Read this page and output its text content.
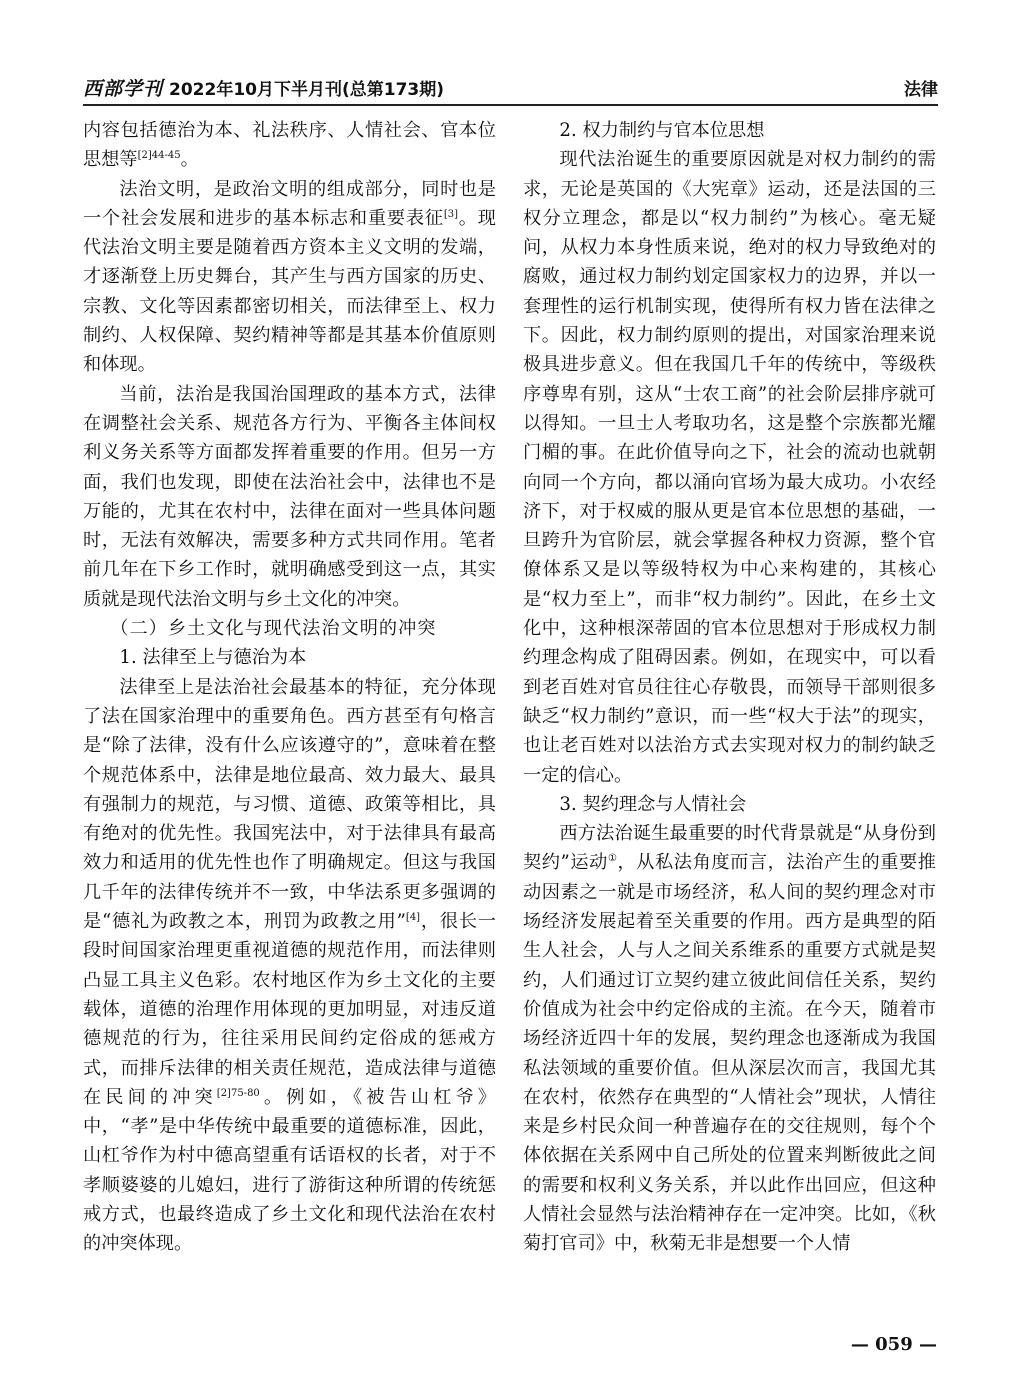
西部学刊 2022年10月下半月刊(总第173期)	法律

内容包括德治为本、礼法秩序、人情社会、官本位思想等$^{[2]44-45}$。

法治文明，是政治文明的组成部分，同时也是一个社会发展和进步的基本标志和重要表征[3]。现代法治文明主要是随着西方资本主义文明的发端，才逐渐登上历史舞台，其产生与西方国家的历史、宗教、文化等因素都密切相关，而法律至上、权力制约、人权保障、契约精神等都是其基本价值原则和体现。

当前，法治是我国治国理政的基本方式，法律在调整社会关系、规范各方行为、平衡各主体间权利义务关系等方面都发挥着重要的作用。但另一方面，我们也发现，即使在法治社会中，法律也不是万能的，尤其在农村中，法律在面对一些具体问题时，无法有效解决，需要多种方式共同作用。笔者前几年在下乡工作时，就明确感受到这一点，其实质就是现代法治文明与乡土文化的冲突。

（二）乡土文化与现代法治文明的冲突

1. 法律至上与德治为本

法律至上是法治社会最基本的特征，充分体现了法在国家治理中的重要角色。西方甚至有句格言是“除了法律，没有什么应该遵守的”，意味着在整个规范体系中，法律是地位最高、效力最大、最具有强制力的规范，与习惯、道德、政策等相比，具有绝对的优先性。我国宪法中，对于法律具有最高效力和适用的优先性也作了明确规定。但这与我国几千年的法律传统并不一致，中华法系更多强调的是“德礼为政教之本，刑罚为政教之用”[4]，很长一段时间国家治理更重视道德的规范作用，而法律则凸显工具主义色彩。农村地区作为乡土文化的主要载体，道德的治理作用体现的更加明显，对违反道德规范的行为，往往采用民间约定俗成的惩戒方式，而排斥法律的相关责任规范，造成法律与道德在民间的冲突$^{[2]75-80}$。例如，《被告山杠爷》中，“孝”是中华传统中最重要的道德标准，因此，山杠爷作为村中德高望重有话语权的长者，对于不孝顺婆婆的儿媳妇，进行了游街这种所谓的传统惩戒方式，也最终造成了乡土文化和现代法治在农村的冲突体现。

2. 权力制约与官本位思想

现代法治诞生的重要原因就是对权力制约的需求，无论是英国的《大宪章》运动，还是法国的三权分立理念，都是以“权力制约”为核心。毫无疑问，从权力本身性质来说，绝对的权力导致绝对的腐败，通过权力制约划定国家权力的边界，并以一套理性的运行机制实现，使得所有权力皆在法律之下。因此，权力制约原则的提出，对国家治理来说极具进步意义。但在我国几千年的传统中，等级秩序尊卑有别，这从“士农工商”的社会阶层排序就可以得知。一旦士人考取功名，这是整个宗族都光耀门楣的事。在此价值导向之下，社会的流动也就朝向同一个方向，都以涌向官场为最大成功。小农经济下，对于权威的服从更是官本位思想的基础，一旦跨升为官阶层，就会掌握各种权力资源，整个官僚体系又是以等级特权为中心来构建的，其核心是“权力至上”，而非“权力制约”。因此，在乡土文化中，这种根深蒂固的官本位思想对于形成权力制约理念构成了阻碍因素。例如，在现实中，可以看到老百姓对官员往往心存敬畏，而领导干部则很多缺乏“权力制约”意识，而一些“权大于法”的现实，也让老百姓对以法治方式去实现对权力的制约缺乏一定的信心。

3. 契约理念与人情社会

西方法治诞生最重要的时代背景就是“从身份到契约”运动①，从私法角度而言，法治产生的重要推动因素之一就是市场经济，私人间的契约理念对市场经济发展起着至关重要的作用。西方是典型的陌生人社会，人与人之间关系维系的重要方式就是契约，人们通过订立契约建立彼此间信任关系，契约价值成为社会中约定俗成的主流。在今天，随着市场经济近四十年的发展，契约理念也逐渐成为我国私法领域的重要价值。但从深层次而言，我国尤其在农村，依然存在典型的“人情社会”现状，人情往来是乡村民众间一种普遍存在的交往规则，每个个体依据在关系网中自己所处的位置来判断彼此之间的需要和权利义务关系，并以此作出回应，但这种人情社会显然与法治精神存在一定冲突。比如，《秋菊打官司》中，秋菊无非是想要一个人情

— 059 —
